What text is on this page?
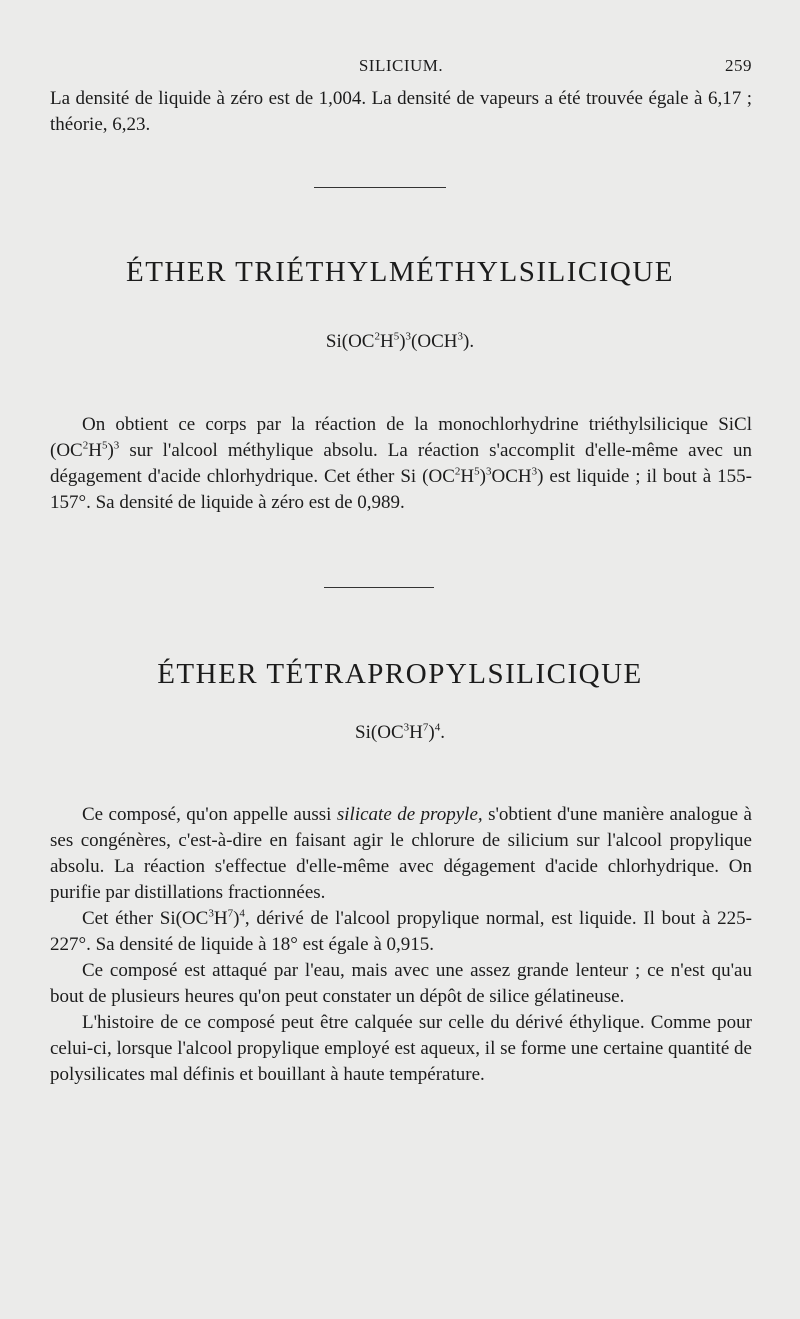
SILICIUM.	259

La densité de liquide à zéro est de 1,004. La densité de vapeurs a été trouvée égale à 6,17 ; théorie, 6,23.

ÉTHER TRIÉTHYLMÉTHYLSILICIQUE
$Si(OC^2H^5)^3(OCH^3)$.

On obtient ce corps par la réaction de la monochlorhydrine triéthylsilicique SiCl $(OC^2H^5)^3$ sur l'alcool méthylique absolu. La réaction s'accomplit d'elle-même avec un dégagement d'acide chlorhydrique. Cet éther Si $(OC^2H^5)^3OCH^3$) est liquide ; il bout à 155-157°. Sa densité de liquide à zéro est de 0,989.

ÉTHER TÉTRAPROPYLSILICIQUE
$Si(OC^3H^7)^4$.

Ce composé, qu'on appelle aussi silicate de propyle, s'obtient d'une manière analogue à ses congénères, c'est-à-dire en faisant agir le chlorure de silicium sur l'alcool propylique absolu. La réaction s'effectue d'elle-même avec dégagement d'acide chlorhydrique. On purifie par distillations fractionnées.

Cet éther $Si(OC^3H^7)^4$, dérivé de l'alcool propylique normal, est liquide. Il bout à 225-227°. Sa densité de liquide à 18° est égale à 0,915.

Ce composé est attaqué par l'eau, mais avec une assez grande lenteur ; ce n'est qu'au bout de plusieurs heures qu'on peut constater un dépôt de silice gélatineuse.

L'histoire de ce composé peut être calquée sur celle du dérivé éthylique. Comme pour celui-ci, lorsque l'alcool propylique employé est aqueux, il se forme une certaine quantité de polysilicates mal définis et bouillant à haute température.
